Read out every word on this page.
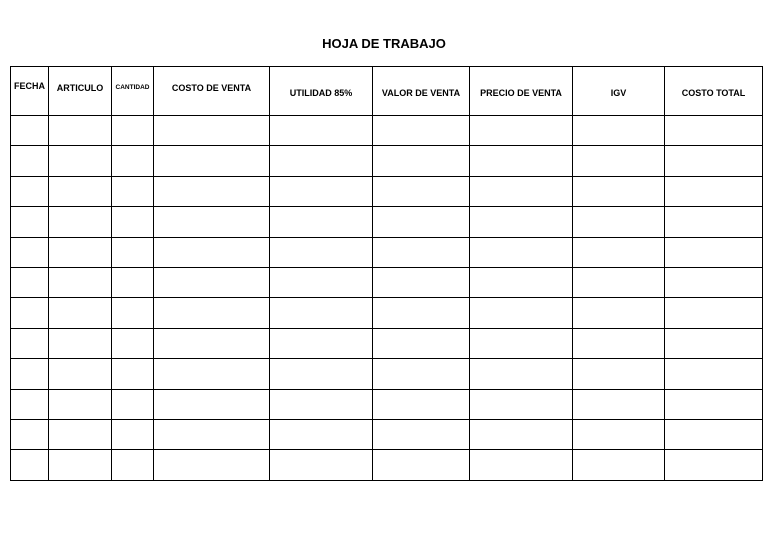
HOJA DE TRABAJO
FECHA	ARTICULO	$^{CANTIDAD}$	COSTO DE VENTA	UTILIDAD 85%	VALOR DE VENTA	PRECIO DE VENTA	IGV	COSTO TOTAL
